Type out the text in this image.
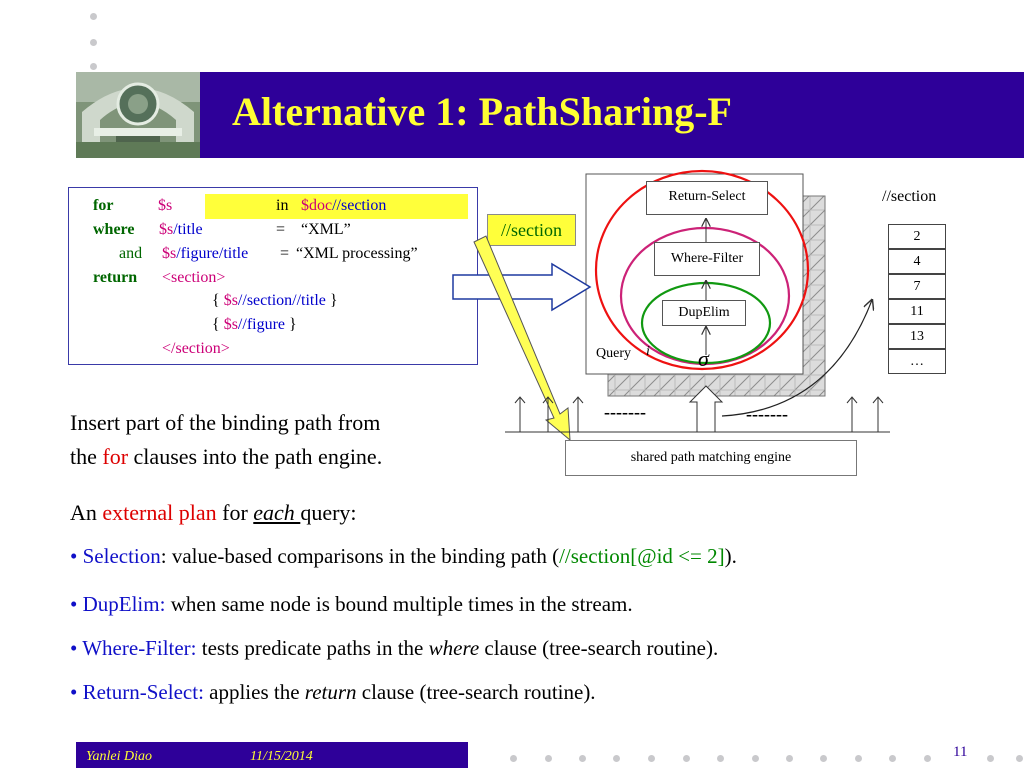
Alternative 1: PathSharing-F
for	$s	in $doc//section
where $s/title	= “XML”
and $s/figure/title = “XML processing”
return <section>
{ $s//section//title }
{ $s//figure }
</section>
//section
Return-Select
Where-Filter
DupElim
Query i σ
-------	-------
shared path matching engine
//section
2
4
7
11
13
…
Insert part of the binding path from
the for clauses into the path engine.
An external plan for each query:
• Selection: value-based comparisons in the binding path (//section[@id <= 2]).
• DupElim: when same node is bound multiple times in the stream.
• Where-Filter: tests predicate paths in the where clause (tree-search routine).
• Return-Select: applies the return clause (tree-search routine).
Yanlei Diao	11/15/2014	11
